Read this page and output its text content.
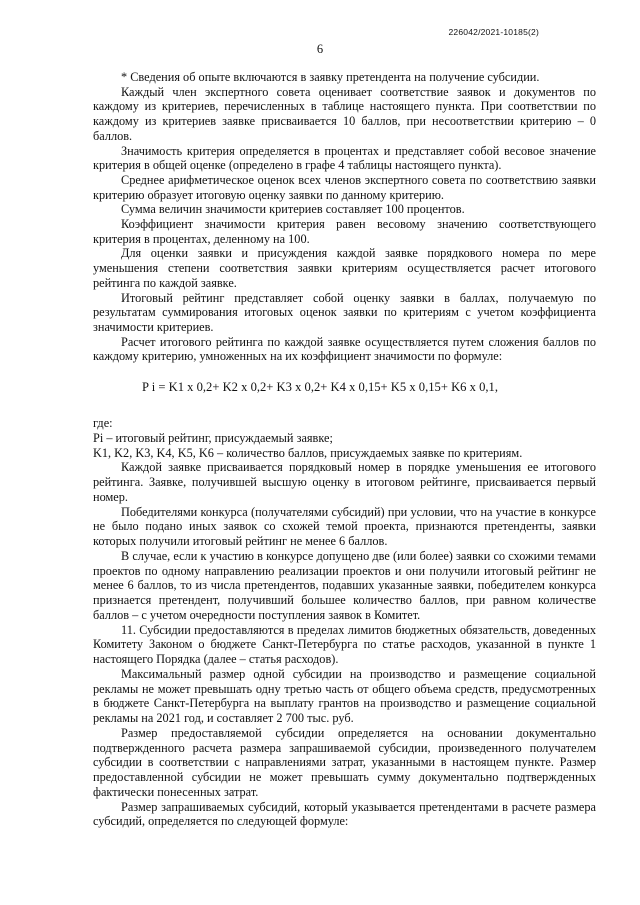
226042/2021-10185(2)
6

* Сведения об опыте включаются в заявку претендента на получение субсидии.

Каждый член экспертного совета оценивает соответствие заявок и документов по каждому из критериев, перечисленных в таблице настоящего пункта. При соответствии по каждому из критериев заявке присваивается 10 баллов, при несоответствии критерию – 0 баллов.

Значимость критерия определяется в процентах и представляет собой весовое значение критерия в общей оценке (определено в графе 4 таблицы настоящего пункта).

Среднее арифметическое оценок всех членов экспертного совета по соответствию заявки критерию образует итоговую оценку заявки по данному критерию.

Сумма величин значимости критериев составляет 100 процентов.

Коэффициент значимости критерия равен весовому значению соответствующего критерия в процентах, деленному на 100.

Для оценки заявки и присуждения каждой заявке порядкового номера по мере уменьшения степени соответствия заявки критериям осуществляется расчет итогового рейтинга по каждой заявке.

Итоговый рейтинг представляет собой оценку заявки в баллах, получаемую по результатам суммирования итоговых оценок заявки по критериям с учетом коэффициента значимости критериев.

Расчет итогового рейтинга по каждой заявке осуществляется путем сложения баллов по каждому критерию, умноженных на их коэффициент значимости по формуле:

P i = K1 x 0,2+ K2 x 0,2+ K3 x 0,2+ K4 x 0,15+ K5 x 0,15+ K6 x 0,1,

где:

Pi – итоговый рейтинг, присуждаемый заявке;

K1, K2, K3, K4, K5, K6 – количество баллов, присуждаемых заявке по критериям.

Каждой заявке присваивается порядковый номер в порядке уменьшения ее итогового рейтинга. Заявке, получившей высшую оценку в итоговом рейтинге, присваивается первый номер.

Победителями конкурса (получателями субсидий) при условии, что на участие в конкурсе не было подано иных заявок со схожей темой проекта, признаются претенденты, заявки которых получили итоговый рейтинг не менее 6 баллов.

В случае, если к участию в конкурсе допущено две (или более) заявки со схожими темами проектов по одному направлению реализации проектов и они получили итоговый рейтинг не менее 6 баллов, то из числа претендентов, подавших указанные заявки, победителем конкурса признается претендент, получивший большее количество баллов, при равном количестве баллов – с учетом очередности поступления заявок в Комитет.

11. Субсидии предоставляются в пределах лимитов бюджетных обязательств, доведенных Комитету Законом о бюджете Санкт-Петербурга по статье расходов, указанной в пункте 1 настоящего Порядка (далее – статья расходов).

Максимальный размер одной субсидии на производство и размещение социальной рекламы не может превышать одну третью часть от общего объема средств, предусмотренных в бюджете Санкт-Петербурга на выплату грантов на производство и размещение социальной рекламы на 2021 год, и составляет 2 700 тыс. руб.

Размер предоставляемой субсидии определяется на основании документально подтвержденного расчета размера запрашиваемой субсидии, произведенного получателем субсидии в соответствии с направлениями затрат, указанными в настоящем пункте. Размер предоставленной субсидии не может превышать сумму документально подтвержденных фактически понесенных затрат.

Размер запрашиваемых субсидий, который указывается претендентами в расчете размера субсидий, определяется по следующей формуле:
